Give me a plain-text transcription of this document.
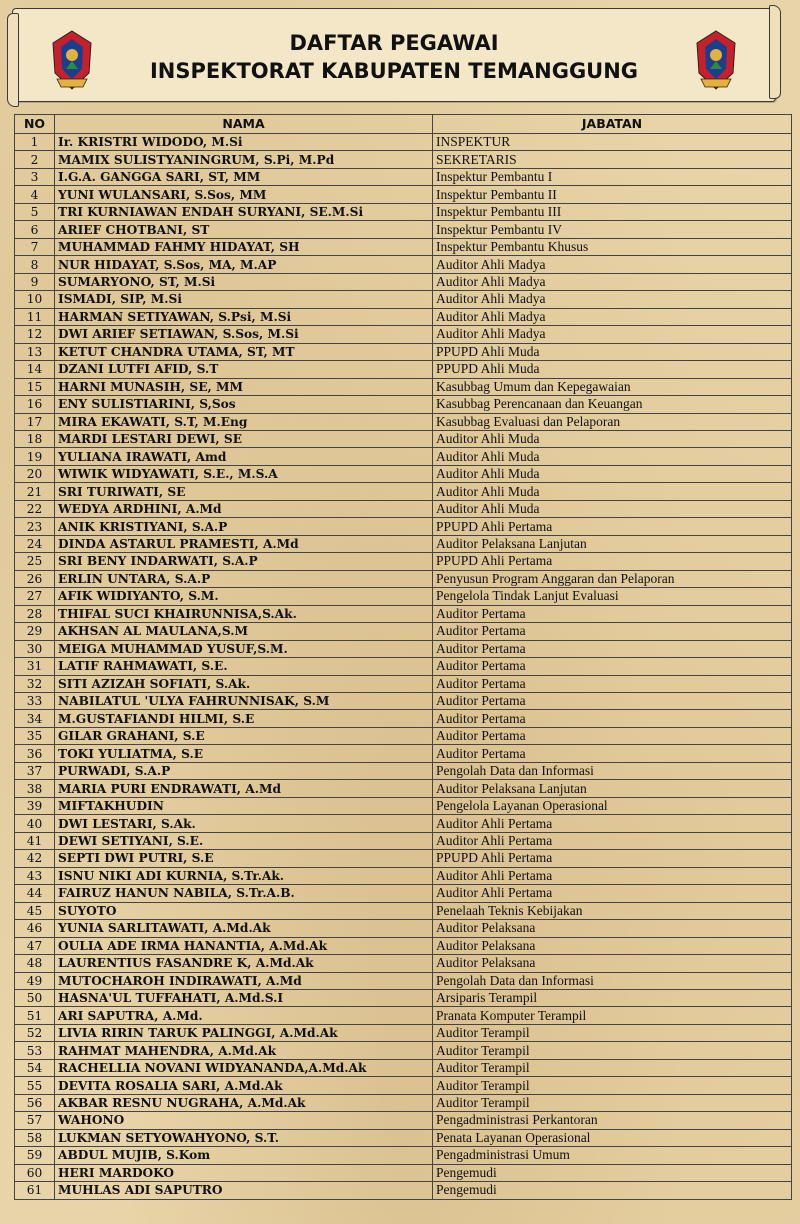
DAFTAR PEGAWAI
INSPEKTORAT KABUPATEN TEMANGGUNG
NO	NAMA	JABATAN
1	Ir. KRISTRI WIDODO, M.Si	INSPEKTUR
2	MAMIX SULISTYANINGRUM, S.Pi, M.Pd	SEKRETARIS
3	I.G.A. GANGGA SARI, ST, MM	Inspektur Pembantu I
4	YUNI WULANSARI, S.Sos, MM	Inspektur Pembantu II
5	TRI KURNIAWAN ENDAH SURYANI, SE.M.Si	Inspektur Pembantu III
6	ARIEF CHOTBANI, ST	Inspektur Pembantu IV
7	MUHAMMAD FAHMY HIDAYAT, SH	Inspektur Pembantu Khusus
8	NUR HIDAYAT, S.Sos, MA, M.AP	Auditor Ahli Madya
9	SUMARYONO, ST, M.Si	Auditor Ahli Madya
10	ISMADI, SIP, M.Si	Auditor Ahli Madya
11	HARMAN SETIYAWAN, S.Psi, M.Si	Auditor Ahli Madya
12	DWI ARIEF SETIAWAN, S.Sos, M.Si	Auditor Ahli Madya
13	KETUT CHANDRA UTAMA, ST, MT	PPUPD Ahli Muda
14	DZANI LUTFI AFID, S.T	PPUPD Ahli Muda
15	HARNI MUNASIH, SE, MM	Kasubbag Umum dan Kepegawaian
16	ENY SULISTIARINI, S,Sos	Kasubbag Perencanaan dan Keuangan
17	MIRA EKAWATI, S.T, M.Eng	Kasubbag Evaluasi dan Pelaporan
18	MARDI LESTARI DEWI, SE	Auditor Ahli Muda
19	YULIANA IRAWATI, Amd	Auditor Ahli Muda
20	WIWIK WIDYAWATI, S.E., M.S.A	Auditor Ahli Muda
21	SRI TURIWATI, SE	Auditor Ahli Muda
22	WEDYA ARDHINI, A.Md	Auditor Ahli Muda
23	ANIK KRISTIYANI, S.A.P	PPUPD Ahli Pertama
24	DINDA ASTARUL PRAMESTI, A.Md	Auditor Pelaksana Lanjutan
25	SRI BENY INDARWATI, S.A.P	PPUPD Ahli Pertama
26	ERLIN UNTARA, S.A.P	Penyusun Program Anggaran dan Pelaporan
27	AFIK WIDIYANTO, S.M.	Pengelola Tindak Lanjut Evaluasi
28	THIFAL SUCI KHAIRUNNISA,S.Ak.	Auditor Pertama
29	AKHSAN AL MAULANA,S.M	Auditor Pertama
30	MEIGA MUHAMMAD YUSUF,S.M.	Auditor Pertama
31	LATIF RAHMAWATI, S.E.	Auditor Pertama
32	SITI AZIZAH SOFIATI, S.Ak.	Auditor Pertama
33	NABILATUL 'ULYA FAHRUNNISAK, S.M	Auditor Pertama
34	M.GUSTAFIANDI HILMI, S.E	Auditor Pertama
35	GILAR GRAHANI, S.E	Auditor Pertama
36	TOKI YULIATMA, S.E	Auditor Pertama
37	PURWADI, S.A.P	Pengolah Data dan Informasi
38	MARIA PURI ENDRAWATI, A.Md	Auditor Pelaksana Lanjutan
39	MIFTAKHUDIN	Pengelola Layanan Operasional
40	DWI LESTARI, S.Ak.	Auditor Ahli Pertama
41	DEWI SETIYANI, S.E.	Auditor Ahli Pertama
42	SEPTI DWI PUTRI, S.E	PPUPD Ahli Pertama
43	ISNU NIKI ADI KURNIA, S.Tr.Ak.	Auditor Ahli Pertama
44	FAIRUZ HANUN NABILA, S.Tr.A.B.	Auditor Ahli Pertama
45	SUYOTO	Penelaah Teknis Kebijakan
46	YUNIA SARLITAWATI, A.Md.Ak	Auditor Pelaksana
47	OULIA ADE IRMA HANANTIA, A.Md.Ak	Auditor Pelaksana
48	LAURENTIUS FASANDRE K, A.Md.Ak	Auditor Pelaksana
49	MUTOCHAROH INDIRAWATI, A.Md	Pengolah Data dan Informasi
50	HASNA'UL TUFFAHATI, A.Md.S.I	Arsiparis Terampil
51	ARI SAPUTRA, A.Md.	Pranata Komputer Terampil
52	LIVIA RIRIN TARUK PALINGGI, A.Md.Ak	Auditor Terampil
53	RAHMAT MAHENDRA, A.Md.Ak	Auditor Terampil
54	RACHELLIA NOVANI WIDYANANDA,A.Md.Ak	Auditor Terampil
55	DEVITA ROSALIA SARI, A.Md.Ak	Auditor Terampil
56	AKBAR RESNU NUGRAHA, A.Md.Ak	Auditor Terampil
57	WAHONO	Pengadministrasi Perkantoran
58	LUKMAN SETYOWAHYONO, S.T.	Penata Layanan Operasional
59	ABDUL MUJIB, S.Kom	Pengadministrasi Umum
60	HERI MARDOKO	Pengemudi
61	MUHLAS ADI SAPUTRO	Pengemudi
